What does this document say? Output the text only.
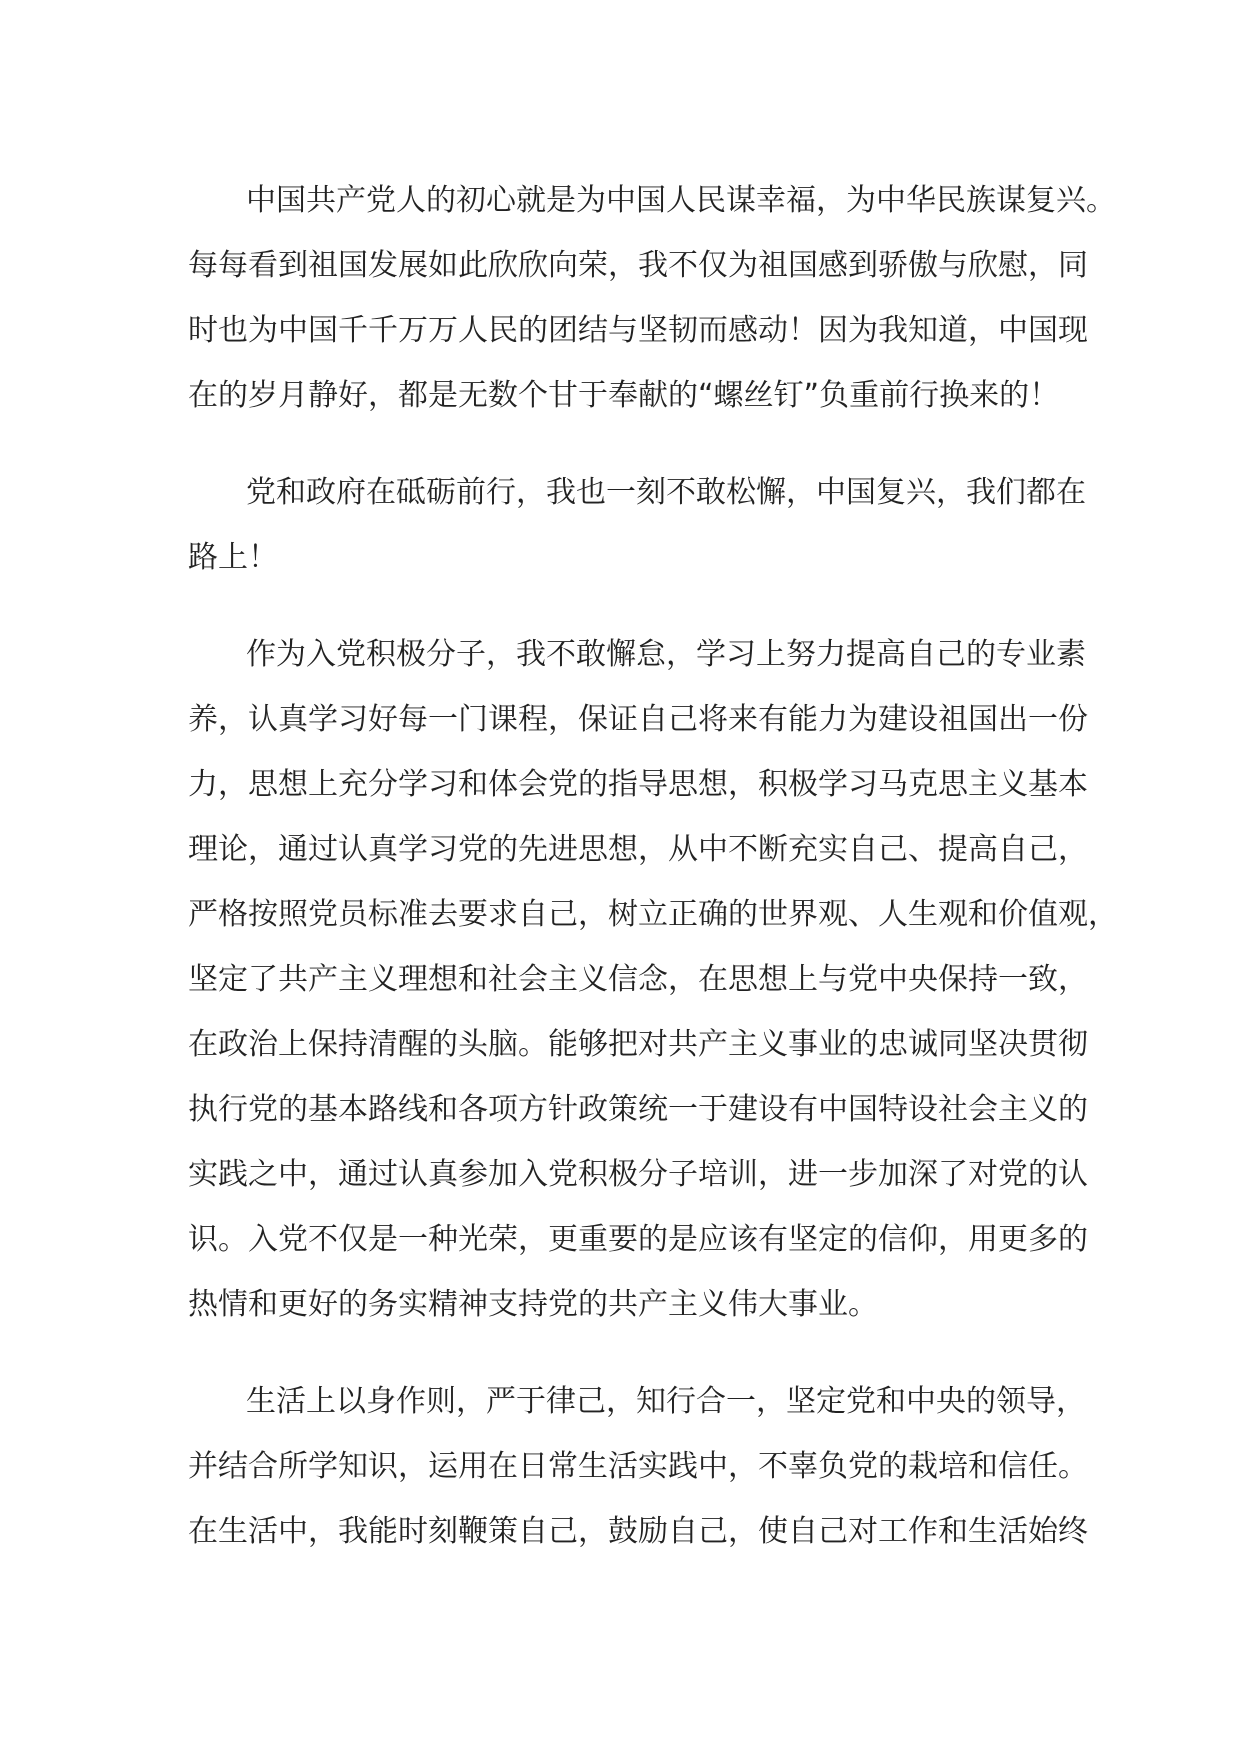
中国共产党人的初心就是为中国人民谋幸福，为中华民族谋复兴。
每每看到祖国发展如此欣欣向荣，我不仅为祖国感到骄傲与欣慰，同
时也为中国千千万万人民的团结与坚韧而感动！因为我知道，中国现
在的岁月静好，都是无数个甘于奉献的“螺丝钉”负重前行换来的！
党和政府在砥砺前行，我也一刻不敢松懈，中国复兴，我们都在
路上！
作为入党积极分子，我不敢懈怠，学习上努力提高自己的专业素
养，认真学习好每一门课程，保证自己将来有能力为建设祖国出一份
力，思想上充分学习和体会党的指导思想，积极学习马克思主义基本
理论，通过认真学习党的先进思想，从中不断充实自己、提高自己，
严格按照党员标准去要求自己，树立正确的世界观、人生观和价值观，
坚定了共产主义理想和社会主义信念，在思想上与党中央保持一致，
在政治上保持清醒的头脑。能够把对共产主义事业的忠诚同坚决贯彻
执行党的基本路线和各项方针政策统一于建设有中国特设社会主义的
实践之中，通过认真参加入党积极分子培训，进一步加深了对党的认
识。入党不仅是一种光荣，更重要的是应该有坚定的信仰，用更多的
热情和更好的务实精神支持党的共产主义伟大事业。
生活上以身作则，严于律己，知行合一，坚定党和中央的领导，
并结合所学知识，运用在日常生活实践中，不辜负党的栽培和信任。
在生活中，我能时刻鞭策自己，鼓励自己，使自己对工作和生活始终
